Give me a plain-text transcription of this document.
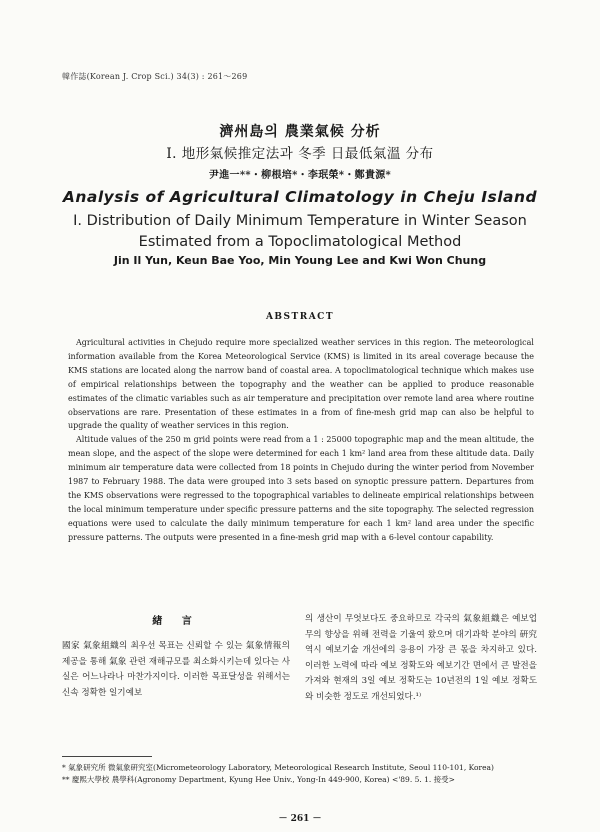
韓作誌(Korean J. Crop Sci.) 34(3) : 261～269
濟州島의 農業氣候 分析
I. 地形氣候推定法과 冬季 日最低氣溫 分布
尹進一**・柳根培*・李珉榮*・鄭貴源*
Analysis of Agricultural Climatology in Cheju Island
I. Distribution of Daily Minimum Temperature in Winter Season
Estimated from a Topoclimatological Method
Jin Il Yun, Keun Bae Yoo, Min Young Lee and Kwi Won Chung
ABSTRACT

Agricultural activities in Chejudo require more specialized weather services in this region. The meteorological information available from the Korea Meteorological Service (KMS) is limited in its areal coverage because the KMS stations are located along the narrow band of coastal area. A topoclimatological technique which makes use of empirical relationships between the topography and the weather can be applied to produce reasonable estimates of the climatic variables such as air temperature and precipitation over remote land area where routine observations are rare. Presentation of these estimates in a from of fine-mesh grid map can also be helpful to upgrade the quality of weather services in this region.

Altitude values of the 250 m grid points were read from a 1 : 25000 topographic map and the mean altitude, the mean slope, and the aspect of the slope were determined for each 1 km² land area from these altitude data. Daily minimum air temperature data were collected from 18 points in Chejudo during the winter period from November 1987 to February 1988. The data were grouped into 3 sets based on synoptic pressure pattern. Departures from the KMS observations were regressed to the topographical variables to delineate empirical relationships between the local minimum temperature under specific pressure patterns and the site topography. The selected regression equations were used to calculate the daily minimum temperature for each 1 km² land area under the specific pressure patterns. The outputs were presented in a fine-mesh grid map with a 6-level contour capability.

緖 言

國家 氣象組織의 최우선 목표는 신뢰할 수 있는 氣象情報의 제공을 통해 氣象 관련 재해규모를 최소화시키는데 있다는 사실은 어느나라나 마찬가지이다. 이러한 목표달성을 위해서는 신속 정확한 일기예보

의 생산이 무엇보다도 중요하므로 각국의 氣象組織은 예보업무의 향상을 위해 전력을 기울여 왔으며 대기과학 분야의 硏究 역시 예보기술 개선에의 응용이 가장 큰 몫을 차지하고 있다. 이러한 노력에 따라 예보 정확도와 예보기간 면에서 큰 발전을 가져와 현재의 3일 예보 정확도는 10년전의 1일 예보 정확도와 비슷한 정도로 개선되었다.¹⁾

* 氣象研究所 微氣象硏究室(Micrometeorology Laboratory, Meteorological Research Institute, Seoul 110-101, Korea)
** 慶熙大學校 農學科(Agronomy Department, Kyung Hee Univ., Yong-In 449-900, Korea) <'89. 5. 1. 接受>
－ 261 －
